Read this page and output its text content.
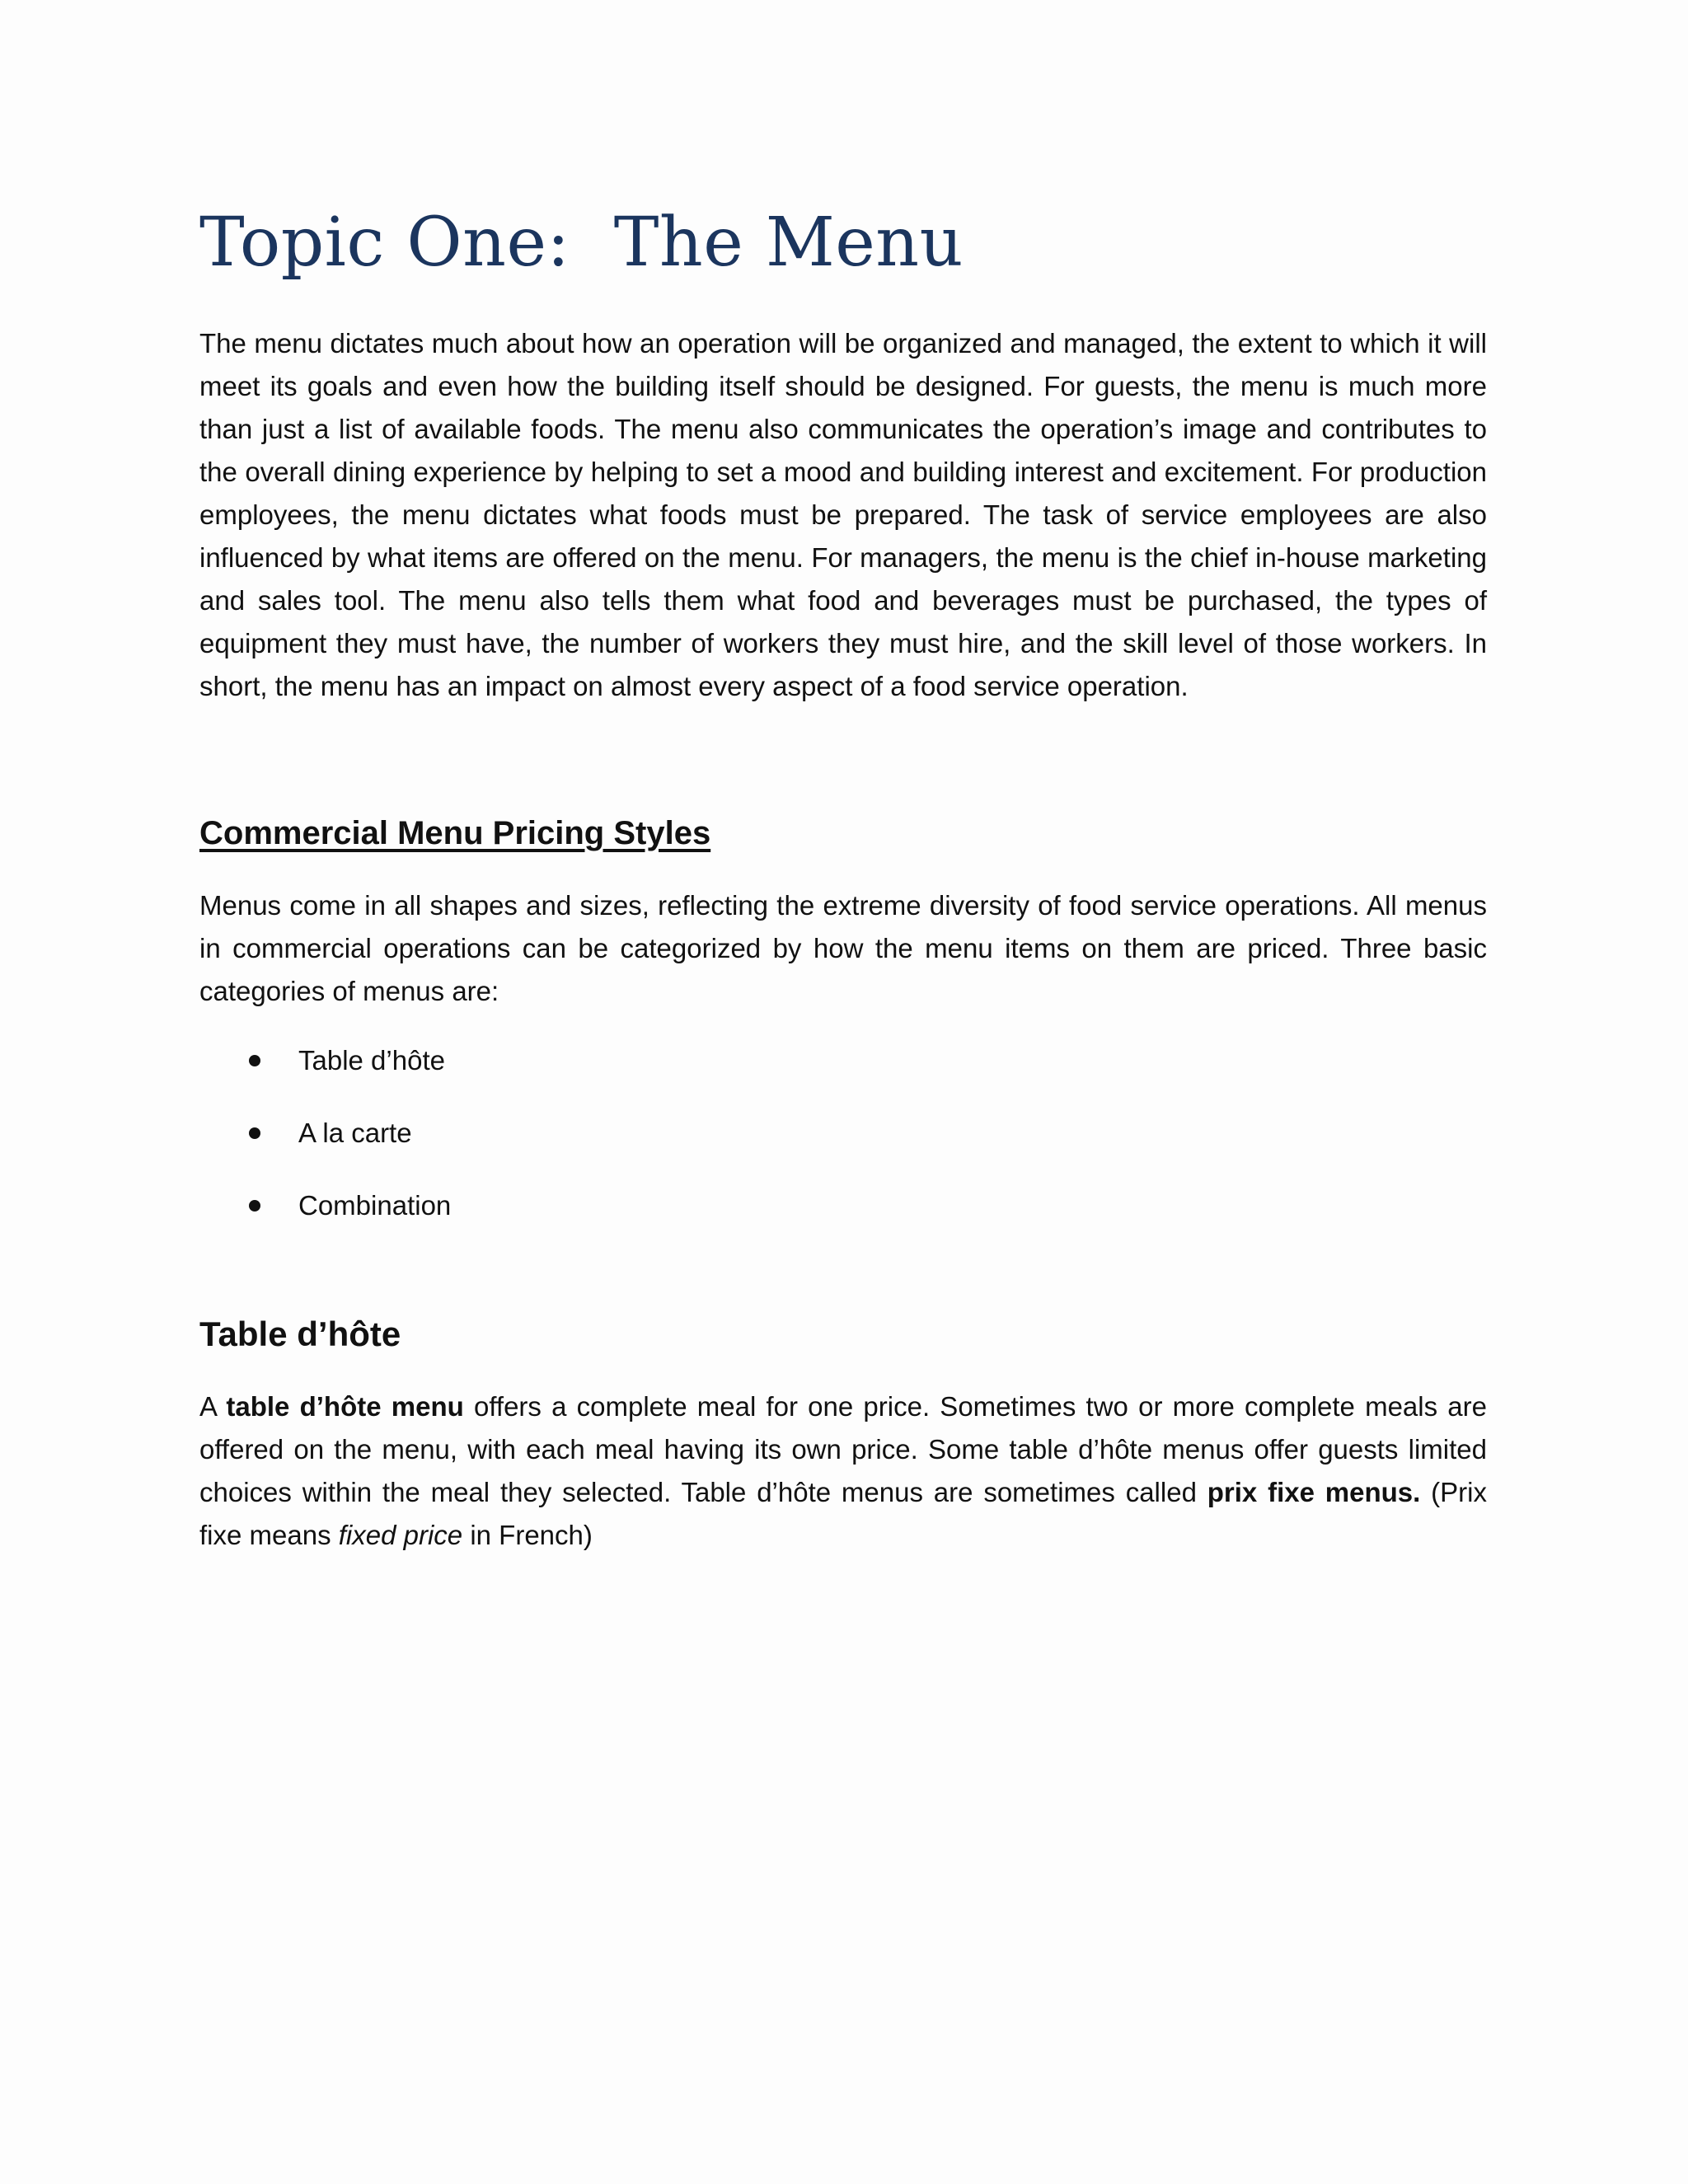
Topic One:  The Menu

The menu dictates much about how an operation will be organized and managed, the extent to which it will meet its goals and even how the building itself should be designed. For guests, the menu is much more than just a list of available foods. The menu also communicates the operation’s image and contributes to the overall dining experience by helping to set a mood and building interest and excitement. For production employees, the menu dictates what foods must be prepared. The task of service employees are also influenced by what items are offered on the menu. For managers, the menu is the chief in-house marketing and sales tool. The menu also tells them what food and beverages must be purchased, the types of equipment they must have, the number of workers they must hire, and the skill level of those workers. In short, the menu has an impact on almost every aspect of a food service operation.

Commercial Menu Pricing Styles

Menus come in all shapes and sizes, reflecting the extreme diversity of food service operations. All menus in commercial operations can be categorized by how the menu items on them are priced. Three basic categories of menus are:

Table d’hôte
A la carte
Combination
Table d’hôte

A table d’hôte menu offers a complete meal for one price. Sometimes two or more complete meals are offered on the menu, with each meal having its own price. Some table d’hôte menus offer guests limited choices within the meal they selected. Table d’hôte menus are sometimes called prix fixe menus. (Prix fixe means fixed price in French)
